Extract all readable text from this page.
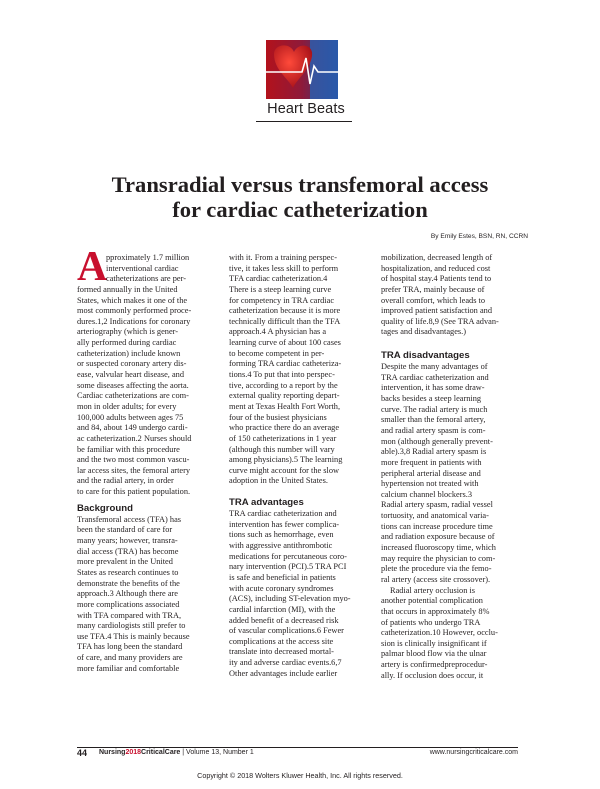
Heart Beats
Transradial versus transfemoral access
for cardiac catheterization
By Emily Estes, BSN, RN, CCRN
A
pproximately 1.7 million
interventional cardiac
catheterizations are per-
formed annually in the United
States, which makes it one of the
most commonly performed proce-
dures.1,2 Indications for coronary
arteriography (which is gener-
ally performed during cardiac
catheterization) include known
or suspected coronary artery dis-
ease, valvular heart disease, and
some diseases affecting the aorta.
Cardiac catheterizations are com-
mon in older adults; for every
100,000 adults between ages 75
and 84, about 149 undergo cardi-
ac catheterization.2 Nurses should
be familiar with this procedure
and the two most common vascu-
lar access sites, the femoral artery
and the radial artery, in order
to care for this patient population.
Background
Transfemoral access (TFA) has
been the standard of care for
many years; however, transra-
dial access (TRA) has become
more prevalent in the United
States as research continues to
demonstrate the benefits of the
approach.3 Although there are
more complications associated
with TFA compared with TRA,
many cardiologists still prefer to
use TFA.4 This is mainly because
TFA has long been the standard
of care, and many providers are
more familiar and comfortable
with it. From a training perspec-
tive, it takes less skill to perform
TFA cardiac catheterization.4
There is a steep learning curve
for competency in TRA cardiac
catheterization because it is more
technically difficult than the TFA
approach.4 A physician has a
learning curve of about 100 cases
to become competent in per-
forming TRA cardiac catheteriza-
tions.4 To put that into perspec-
tive, according to a report by the
external quality reporting depart-
ment at Texas Health Fort Worth,
four of the busiest physicians
who practice there do an average
of 150 catheterizations in 1 year
(although this number will vary
among physicians).5 The learning
curve might account for the slow
adoption in the United States.
TRA advantages
TRA cardiac catheterization and
intervention has fewer complica-
tions such as hemorrhage, even
with aggressive antithrombotic
medications for percutaneous coro-
nary intervention (PCI).5 TRA PCI
is safe and beneficial in patients
with acute coronary syndromes
(ACS), including ST-elevation myo-
cardial infarction (MI), with the
added benefit of a decreased risk
of vascular complications.6 Fewer
complications at the access site
translate into decreased mortal-
ity and adverse cardiac events.6,7
Other advantages include earlier
mobilization, decreased length of
hospitalization, and reduced cost
of hospital stay.4 Patients tend to
prefer TRA, mainly because of
overall comfort, which leads to
improved patient satisfaction and
quality of life.8,9 (See TRA advan-
tages and disadvantages.)
TRA disadvantages
Despite the many advantages of
TRA cardiac catheterization and
intervention, it has some draw-
backs besides a steep learning
curve. The radial artery is much
smaller than the femoral artery,
and radial artery spasm is com-
mon (although generally prevent-
able).3,8 Radial artery spasm is
more frequent in patients with
peripheral arterial disease and
hypertension not treated with
calcium channel blockers.3
Radial artery spasm, radial vessel
tortuosity, and anatomical varia-
tions can increase procedure time
and radiation exposure because of
increased fluoroscopy time, which
may require the physician to com-
plete the procedure via the femo-
ral artery (access site crossover).
Radial artery occlusion is
another potential complication
that occurs in approximately 8%
of patients who undergo TRA
catheterization.10 However, occlu-
sion is clinically insignificant if
palmar blood flow via the ulnar
artery is confirmedpreprocedur-
ally. If occlusion does occur, it
44 Nursing2018CriticalCare | Volume 13, Number 1	www.nursingcriticalcare.com
Copyright © 2018 Wolters Kluwer Health, Inc. All rights reserved.
